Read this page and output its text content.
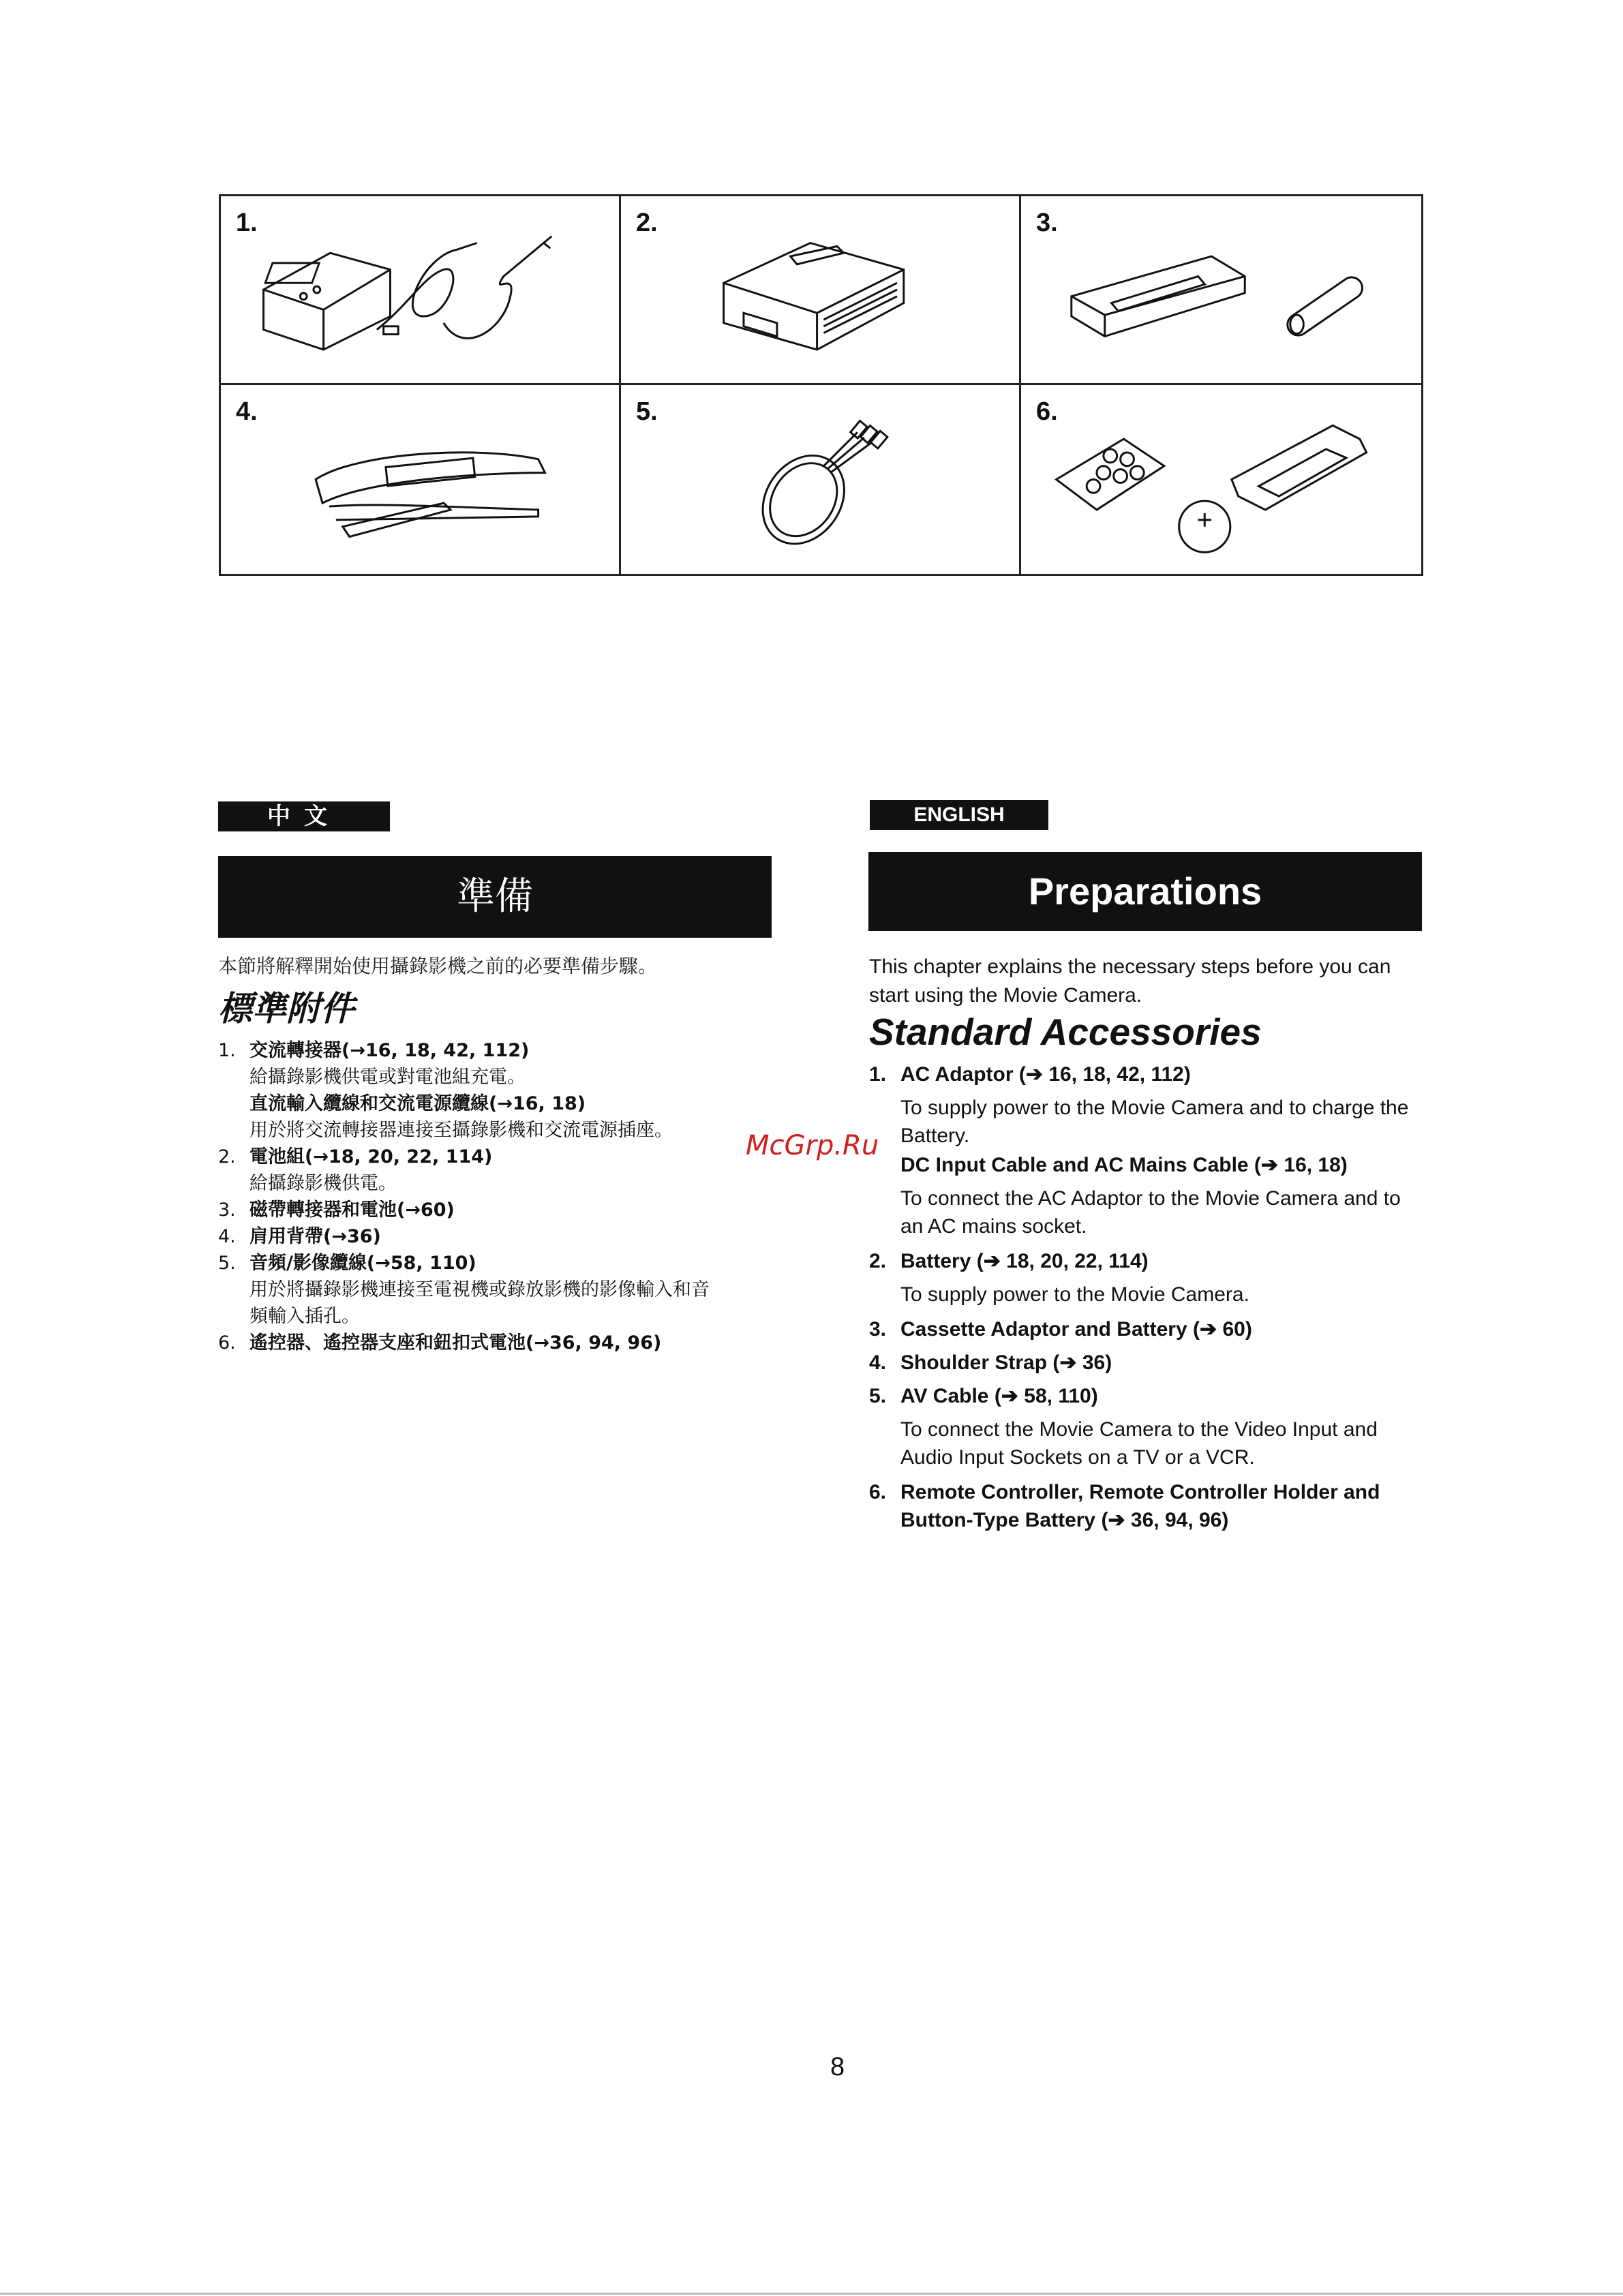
1.	2.	3.
4.	5.	6.
中文
準備
本節將解釋開始使用攝錄影機之前的必要準備步驟。
標準附件
1. 交流轉接器(→16, 18, 42, 112)
給攝錄影機供電或對電池組充電。
直流輸入纜線和交流電源纜線(→16, 18)
用於將交流轉接器連接至攝錄影機和交流電源插座。
2. 電池組(→18, 20, 22, 114)
給攝錄影機供電。
3. 磁帶轉接器和電池(→60)
4. 肩用背帶(→36)
5. 音頻/影像纜線(→58, 110)
用於將攝錄影機連接至電視機或錄放影機的影像輸入和音
頻輸入插孔。
6. 遙控器、遙控器支座和鈕扣式電池(→36, 94, 96)
ENGLISH
Preparations
This chapter explains the necessary steps before you can start using the Movie Camera.
Standard Accessories
1. AC Adaptor (➔ 16, 18, 42, 112)
To supply power to the Movie Camera and to charge the Battery.
DC Input Cable and AC Mains Cable (➔ 16, 18)
To connect the AC Adaptor to the Movie Camera and to an AC mains socket.
2. Battery (➔ 18, 20, 22, 114)
To supply power to the Movie Camera.
3. Cassette Adaptor and Battery (➔ 60)
4. Shoulder Strap (➔ 36)
5. AV Cable (➔ 58, 110)
To connect the Movie Camera to the Video Input and Audio Input Sockets on a TV or a VCR.
6. Remote Controller, Remote Controller Holder and Button-Type Battery (➔ 36, 94, 96)
McGrp.Ru
8
